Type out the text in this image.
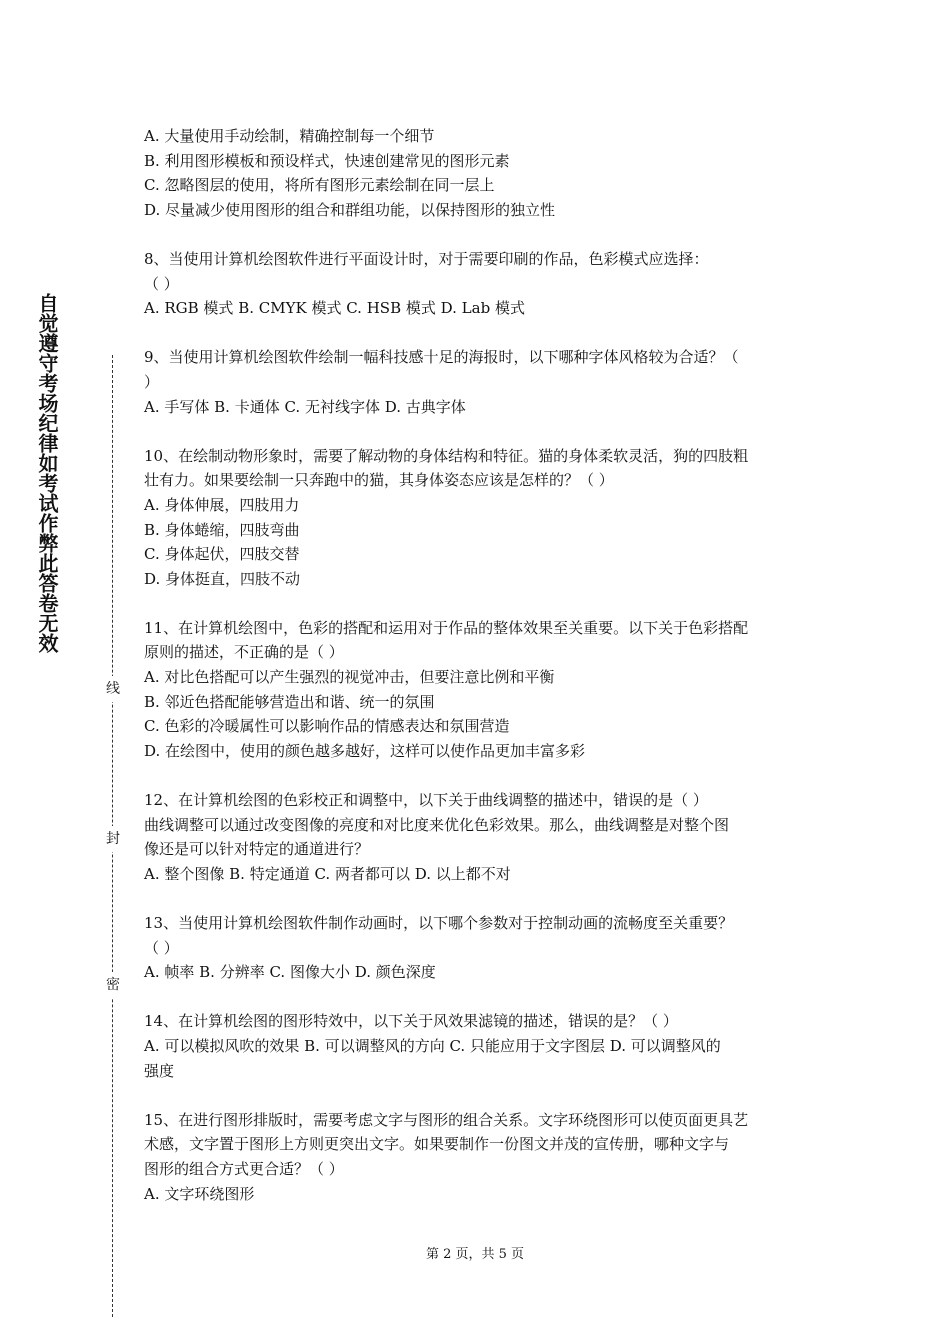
自觉遵守考场纪律如考试作弊此答卷无效
线
封
密

A. 大量使用手动绘制，精确控制每一个细节

B. 利用图形模板和预设样式，快速创建常见的图形元素

C. 忽略图层的使用，将所有图形元素绘制在同一层上

D. 尽量减少使用图形的组合和群组功能，以保持图形的独立性

8、当使用计算机绘图软件进行平面设计时，对于需要印刷的作品，色彩模式应选择：

（ ）

A. RGB 模式 B. CMYK 模式 C. HSB 模式 D. Lab 模式

9、当使用计算机绘图软件绘制一幅科技感十足的海报时，以下哪种字体风格较为合适？（

）

A. 手写体 B. 卡通体 C. 无衬线字体 D. 古典字体

10、在绘制动物形象时，需要了解动物的身体结构和特征。猫的身体柔软灵活，狗的四肢粗

壮有力。如果要绘制一只奔跑中的猫，其身体姿态应该是怎样的？（ ）

A. 身体伸展，四肢用力

B. 身体蜷缩，四肢弯曲

C. 身体起伏，四肢交替

D. 身体挺直，四肢不动

11、在计算机绘图中，色彩的搭配和运用对于作品的整体效果至关重要。以下关于色彩搭配

原则的描述，不正确的是（ ）

A. 对比色搭配可以产生强烈的视觉冲击，但要注意比例和平衡

B. 邻近色搭配能够营造出和谐、统一的氛围

C. 色彩的冷暖属性可以影响作品的情感表达和氛围营造

D. 在绘图中，使用的颜色越多越好，这样可以使作品更加丰富多彩

12、在计算机绘图的色彩校正和调整中，以下关于曲线调整的描述中，错误的是（ ）

曲线调整可以通过改变图像的亮度和对比度来优化色彩效果。那么，曲线调整是对整个图

像还是可以针对特定的通道进行？

A. 整个图像 B. 特定通道 C. 两者都可以 D. 以上都不对

13、当使用计算机绘图软件制作动画时，以下哪个参数对于控制动画的流畅度至关重要？

（ ）

A. 帧率 B. 分辨率 C. 图像大小 D. 颜色深度

14、在计算机绘图的图形特效中，以下关于风效果滤镜的描述，错误的是？（ ）

A. 可以模拟风吹的效果 B. 可以调整风的方向 C. 只能应用于文字图层 D. 可以调整风的

强度

15、在进行图形排版时，需要考虑文字与图形的组合关系。文字环绕图形可以使页面更具艺

术感，文字置于图形上方则更突出文字。如果要制作一份图文并茂的宣传册，哪种文字与

图形的组合方式更合适？（ ）

A. 文字环绕图形

第 2 页，共 5 页
